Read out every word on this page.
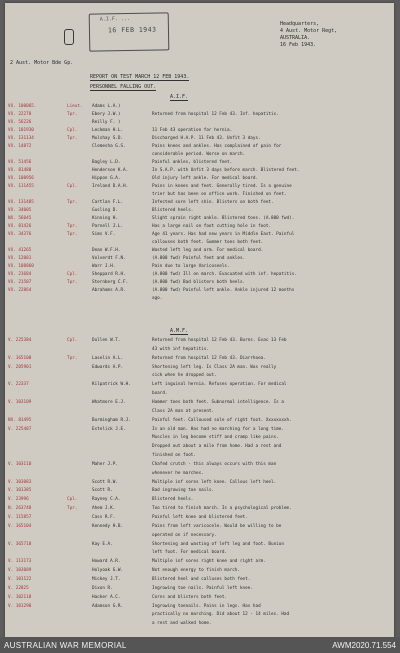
A.I.F. ...
16 FEB 1943
Headquarters,
4 Aust. Motor Regt,
AUSTRALIA.
16 Feb 1943.
2 Aust. Motor Bde Gp.
REPORT ON TEST MARCH 12 FEB 1943.
PERSONNEL FALLING OUT.
VX. 100065.	Lieut. Adams L.A.)
VX. 22278	Tpr.	Ebery J.W.)	Returned from hospital 12 Feb 43. Inf. hepatitis.
VX. 56226	Reilly F. )
VX. 101930	Cpl.	Leckman H.L.	11 Feb 43 operation for hernia.
VX. 131134	Tpr.	Mulshay S.D.	Discharged H.A.P. 11 Feb 43. Unfit 3 days.
VX. 14872	Clemesha G.S.	Pains knees and ankles. Has complained of pain for
considerable period. Worse on march.
VX. 51456	Bagley L.D.	Painful ankles, blistered feet.
VX. 81488	Henderson K.A.	In S.A.P. with Unfit 3 days before march. Blistered feet.
VX. 108956	Hippon G.A.	Old injury left ankle. For medical board.
VX. 111455	Cpl.	Ireland D.A.H.	Pains in knees and feet. Generally tired. Is a genuine
trier but has been on office work. Finished on feet.
VX. 131485	Tpr.	Cartlan F.L.	Infected sore left shin. Blisters on both feet.
VX. 34005	Gusling D.	Blistered heels.
NX. 56045	Kinning H.	Slight sprain right ankle. Blistered toes. (A.800 fwd).
VX. 81426	Tpr.	Parnell J.L.	Has a large nail on foot cutting hole in foot.
VX. 34376	Tpr.	Sims V.F.	Age 41 years. Has had new years in Middle East. Painful
callouses both feet. Summer toes both feet.
VX. 41265	Dean W.F.H.	Wasted left leg and arm. For medical board.
VX. 12081	Volverdt F.N.	(A.800 fwd) Painful feet and ankles.
VX. 108860	Warr J.H.	Pain due to large Varicoseels.
VX. 21684	Cpl.	Sheppard R.H.	(A.800 fwd) Ill on march. Evacuated with inf. hepatitis.
VX. 21507	Tpr.	Sternberg C.F.	(A.800 fwd) Bad blisters both heels.
VX. 22864	Abrahams A.R.	(A.800 fwd) Painful left ankle. Ankle injured 12 months
ago.
V. 225384	Cpl.	Dullen W.T.	Returned from hospital 12 Feb 43. Burns. Evac 13 Feb
43 with inf hepatitis.
V. 165100	Tpr.	Laselin A.L.	Returned from hospital 12 Feb 43. Diarrhoea.
V. 205901	Edwards A.P.	Shortening left leg. Is Class 2A man. Was really
sick when he dropped out.
V. 22337	Kilpatrick W.H.	Left inguinal hernia. Refuses operation. For medical
board.
V. 103109	Whatmore E.J.	Hammer toes both feet. Subnormal intelligence. Is a
Class 2A man at present.
NX. 81495	Burmingham R.J.	Painful feet. Calloused sole of right foot. Xxxxxxxxh.
V. 225487	Estelick J.E.	Is an old man. Has had no marching for a long time.
Muscles in leg become stiff and cramp like pains.
Dropped out about a mile from home. Had a rest and
finished on foot.
V. 103110	Maher J.P.	Chafed crutch - this always occurs with this man
whenever he marches.
V. 103083	Scott R.W.	Multiple inf sores left knee. Callous left heel.
V. 101385	Scott R.	Bad ingrowing toe nails.
V. 23996	Cpl.	Rayney C.A.	Blistered heels.
N. 263748	Tpr.	Ahem J.K.	Too tired to finish march. Is a psychological problem.
V. 115857	Cass R.F.	Painful left knee and blistered feet.
V. 165104	Kennedy H.B.	Pains from left varicocele. Would be willing to be
operated on if necessary.
V. 365718	Kay E.A.	Shortening and wasting of left leg and foot. Bunion
left foot. For medical board.
V. 113173	Howard A.R.	Multiple inf sores right knee and right arm.
V. 103089	Holyoak G.W.	Not enough energy to finish march.
V. 101122	Mickey J.T.	Blistered heel and calluses both feet.
V. 22825	Dixon R.	Ingrowing toe nails. Painful left knee.
V. 102118	Hacker A.C.	Corns and blisters both feet.
V. 101298	Adamson G.R.	Ingrowing toenails. Pains in legs. Has had
practically no marching. Did about 12 - 14 miles. Had
a rest and walked home.
A.I.F.
A.M.F.
AUSTRALIAN WAR MEMORIAL	AWM2020.71.554
